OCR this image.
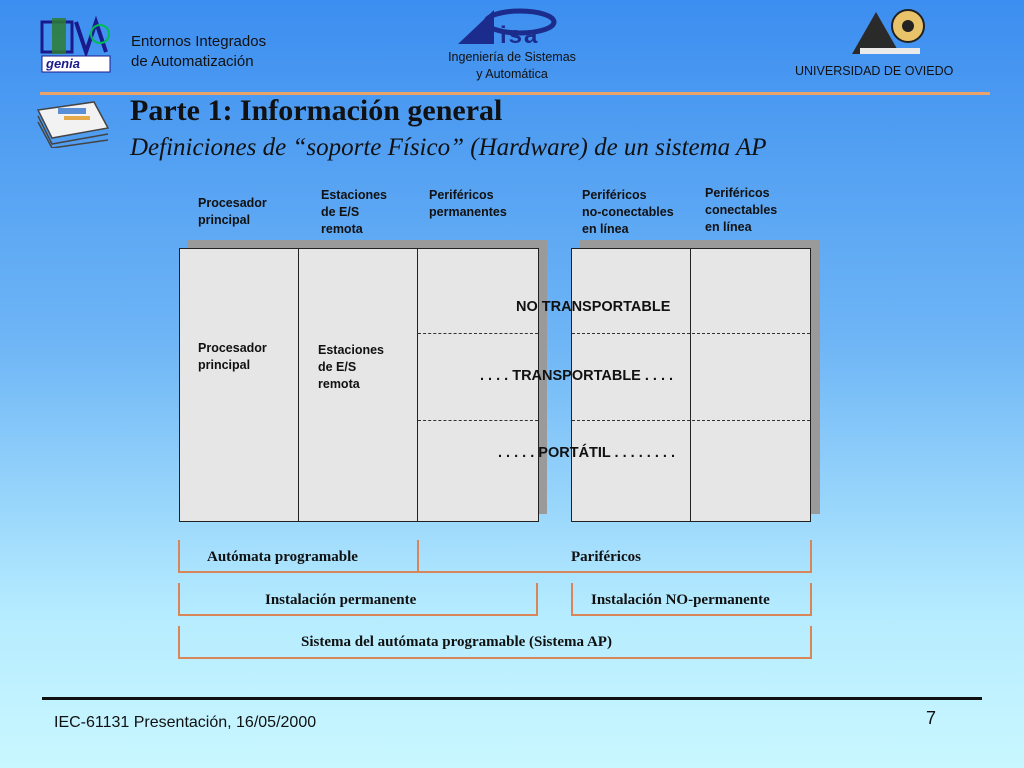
genia
Entornos Integrados
de Automatización
isa
Ingeniería de Sistemas
y Automática	UNIVERSIDAD DE OVIEDO
Parte 1: Información general
Definiciones de “soporte Físico” (Hardware) de un sistema AP
Procesador
principal
Estaciones
de E/S
remota
Periféricos
permanentes
Periféricos
no-conectables
en línea
Periféricos
conectables
en línea
Procesador
principal
Estaciones
de E/S
remota
NO TRANSPORTABLE
. . . . TRANSPORTABLE . . . .
. . . . . PORTÁTIL . . . . . . . .
Autómata programable	Pariféricos
Instalación permanente	Instalación NO-permanente
Sistema del autómata programable (Sistema AP)
IEC-61131 Presentación, 16/05/2000	7
